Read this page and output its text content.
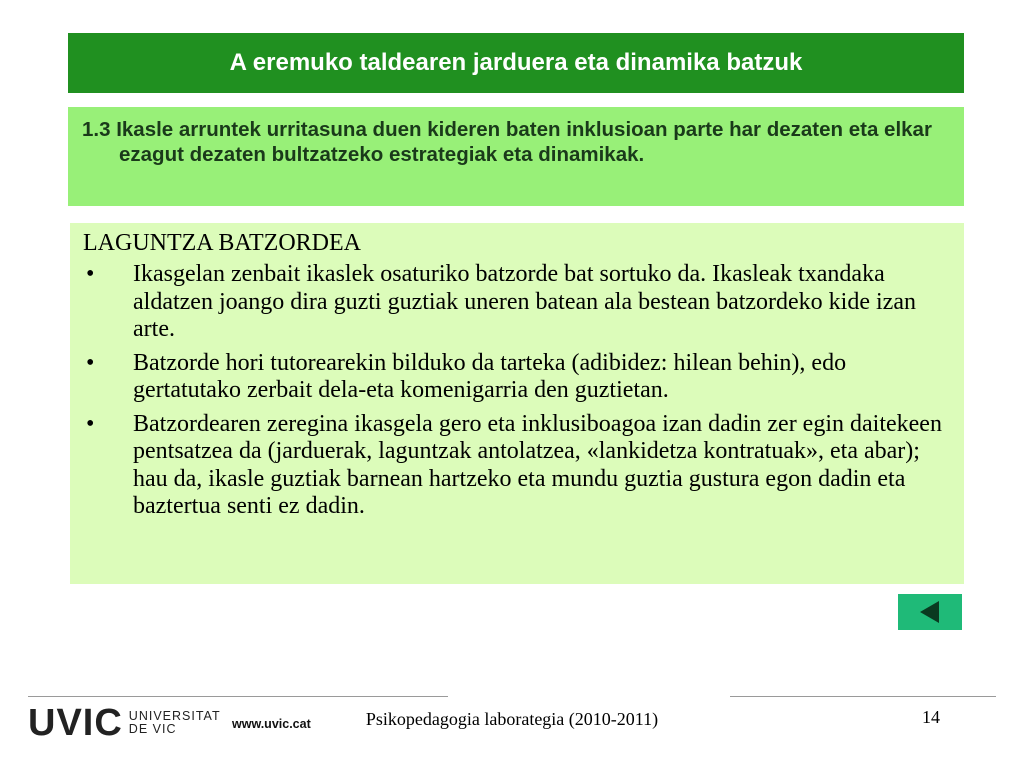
A eremuko taldearen jarduera eta dinamika batzuk

1.3 Ikasle arruntek urritasuna duen kideren baten inklusioan parte har dezaten eta elkar ezagut dezaten bultzatzeko estrategiak eta dinamikak.

LAGUNTZA BATZORDEA
• Ikasgelan zenbait ikaslek osaturiko batzorde bat sortuko da. Ikasleak txandaka aldatzen joango dira guzti guztiak uneren batean ala bestean batzordeko kide izan arte.
• Batzorde hori tutorearekin bilduko da tarteka (adibidez: hilean behin), edo gertatutako zerbait dela-eta komenigarria den guztietan.
• Batzordearen zeregina ikasgela gero eta inklusiboagoa izan dadin zer egin daitekeen pentsatzea da (jarduerak, laguntzak antolatzea, «lankidetza kontratuak», eta abar); hau da, ikasle guztiak barnean hartzeko eta mundu guztia gustura egon dadin eta baztertua senti ez dadin.
UVIC UNIVERSITAT
DE VIC	www.uvic.cat	Psikopedagogia laborategia (2010-2011)	14
